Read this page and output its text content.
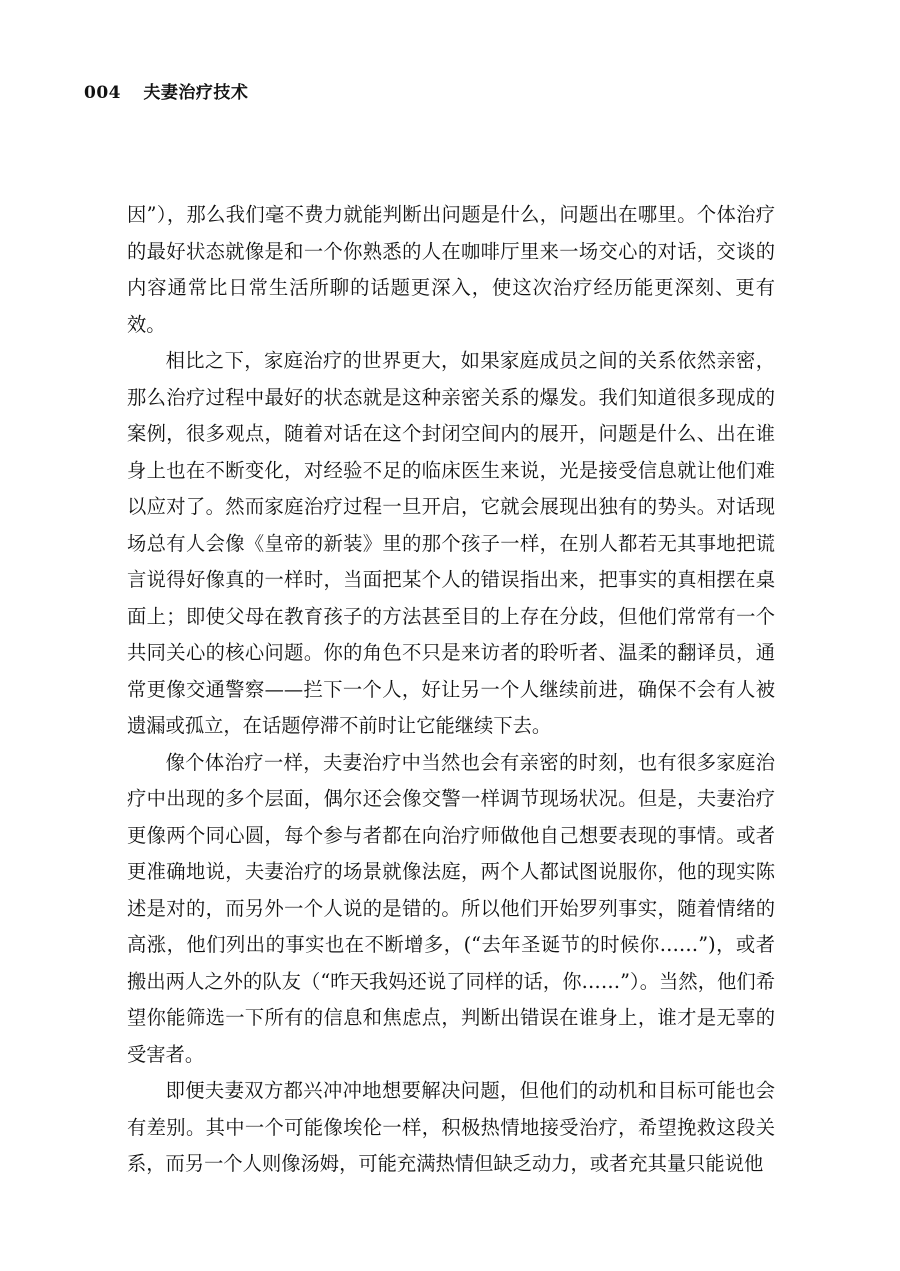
004 夫妻治疗技术

因”），那么我们毫不费力就能判断出问题是什么，问题出在哪里。个体治疗的最好状态就像是和一个你熟悉的人在咖啡厅里来一场交心的对话，交谈的内容通常比日常生活所聊的话题更深入，使这次治疗经历能更深刻、更有效。

相比之下，家庭治疗的世界更大，如果家庭成员之间的关系依然亲密，那么治疗过程中最好的状态就是这种亲密关系的爆发。我们知道很多现成的案例，很多观点，随着对话在这个封闭空间内的展开，问题是什么、出在谁身上也在不断变化，对经验不足的临床医生来说，光是接受信息就让他们难以应对了。然而家庭治疗过程一旦开启，它就会展现出独有的势头。对话现场总有人会像《皇帝的新装》里的那个孩子一样，在别人都若无其事地把谎言说得好像真的一样时，当面把某个人的错误指出来，把事实的真相摆在桌面上；即使父母在教育孩子的方法甚至目的上存在分歧，但他们常常有一个共同关心的核心问题。你的角色不只是来访者的聆听者、温柔的翻译员，通常更像交通警察——拦下一个人，好让另一个人继续前进，确保不会有人被遗漏或孤立，在话题停滞不前时让它能继续下去。

像个体治疗一样，夫妻治疗中当然也会有亲密的时刻，也有很多家庭治疗中出现的多个层面，偶尔还会像交警一样调节现场状况。但是，夫妻治疗更像两个同心圆，每个参与者都在向治疗师做他自己想要表现的事情。或者更准确地说，夫妻治疗的场景就像法庭，两个人都试图说服你，他的现实陈述是对的，而另外一个人说的是错的。所以他们开始罗列事实，随着情绪的高涨，他们列出的事实也在不断增多，(“去年圣诞节的时候你……”)，或者搬出两人之外的队友（“昨天我妈还说了同样的话，你……”）。当然，他们希望你能筛选一下所有的信息和焦虑点，判断出错误在谁身上，谁才是无辜的受害者。

即便夫妻双方都兴冲冲地想要解决问题，但他们的动机和目标可能也会有差别。其中一个可能像埃伦一样，积极热情地接受治疗，希望挽救这段关系，而另一个人则像汤姆，可能充满热情但缺乏动力，或者充其量只能说他
